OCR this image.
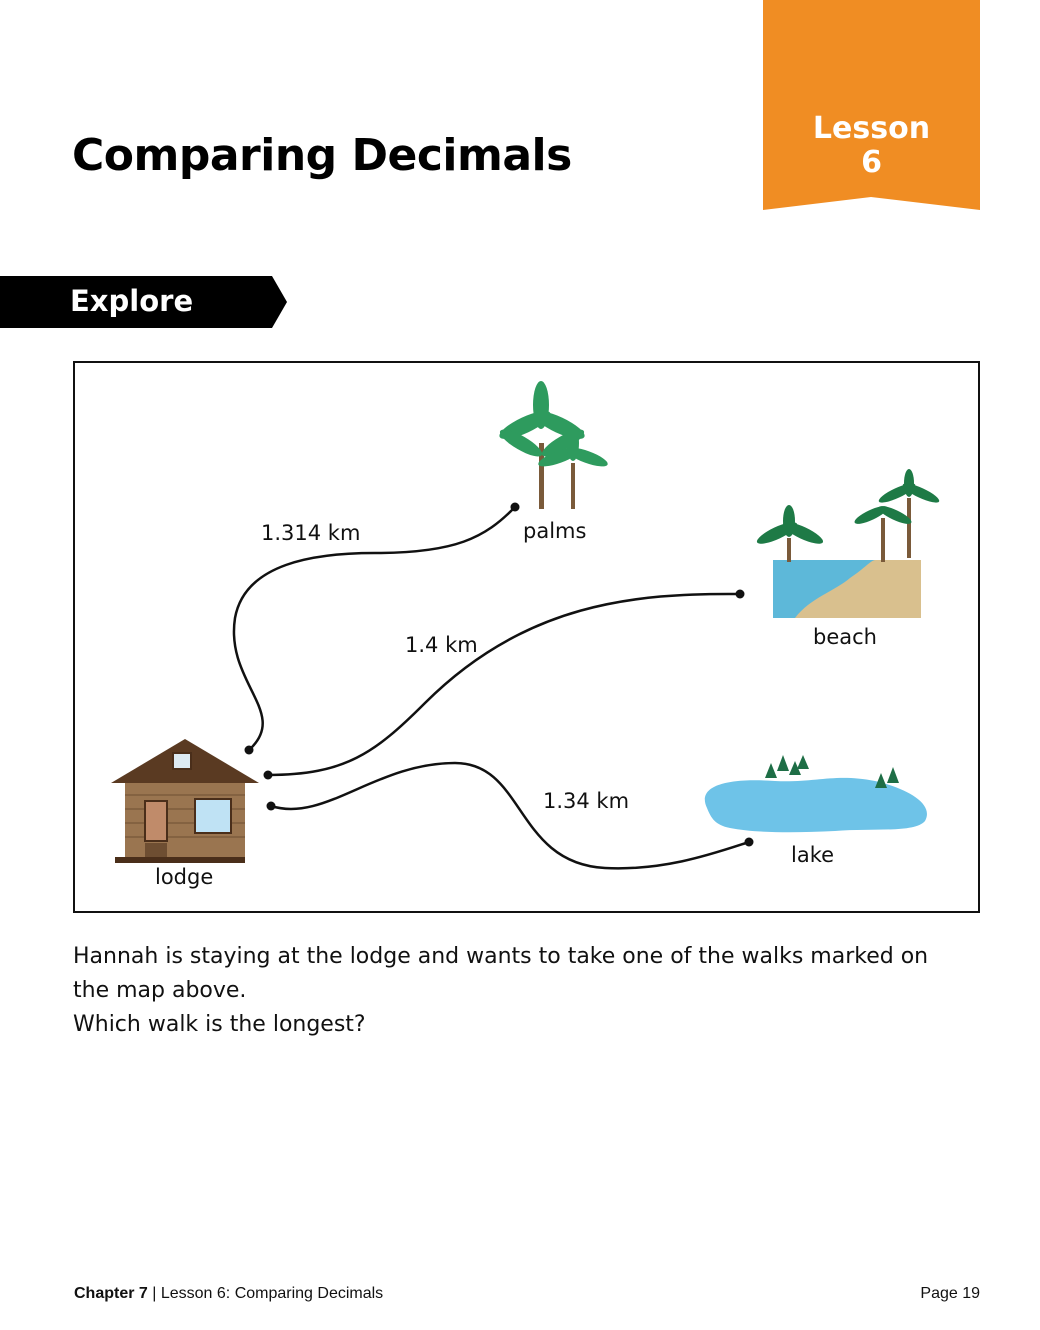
Lesson
6
Comparing Decimals
Explore
1.314 km	palms
1.4 km	beach
1.34 km
lake
lodge

Hannah is staying at the lodge and wants to take one of the walks marked on

the map above.

Which walk is the longest?

Chapter 7 | Lesson 6: Comparing Decimals	Page 19
